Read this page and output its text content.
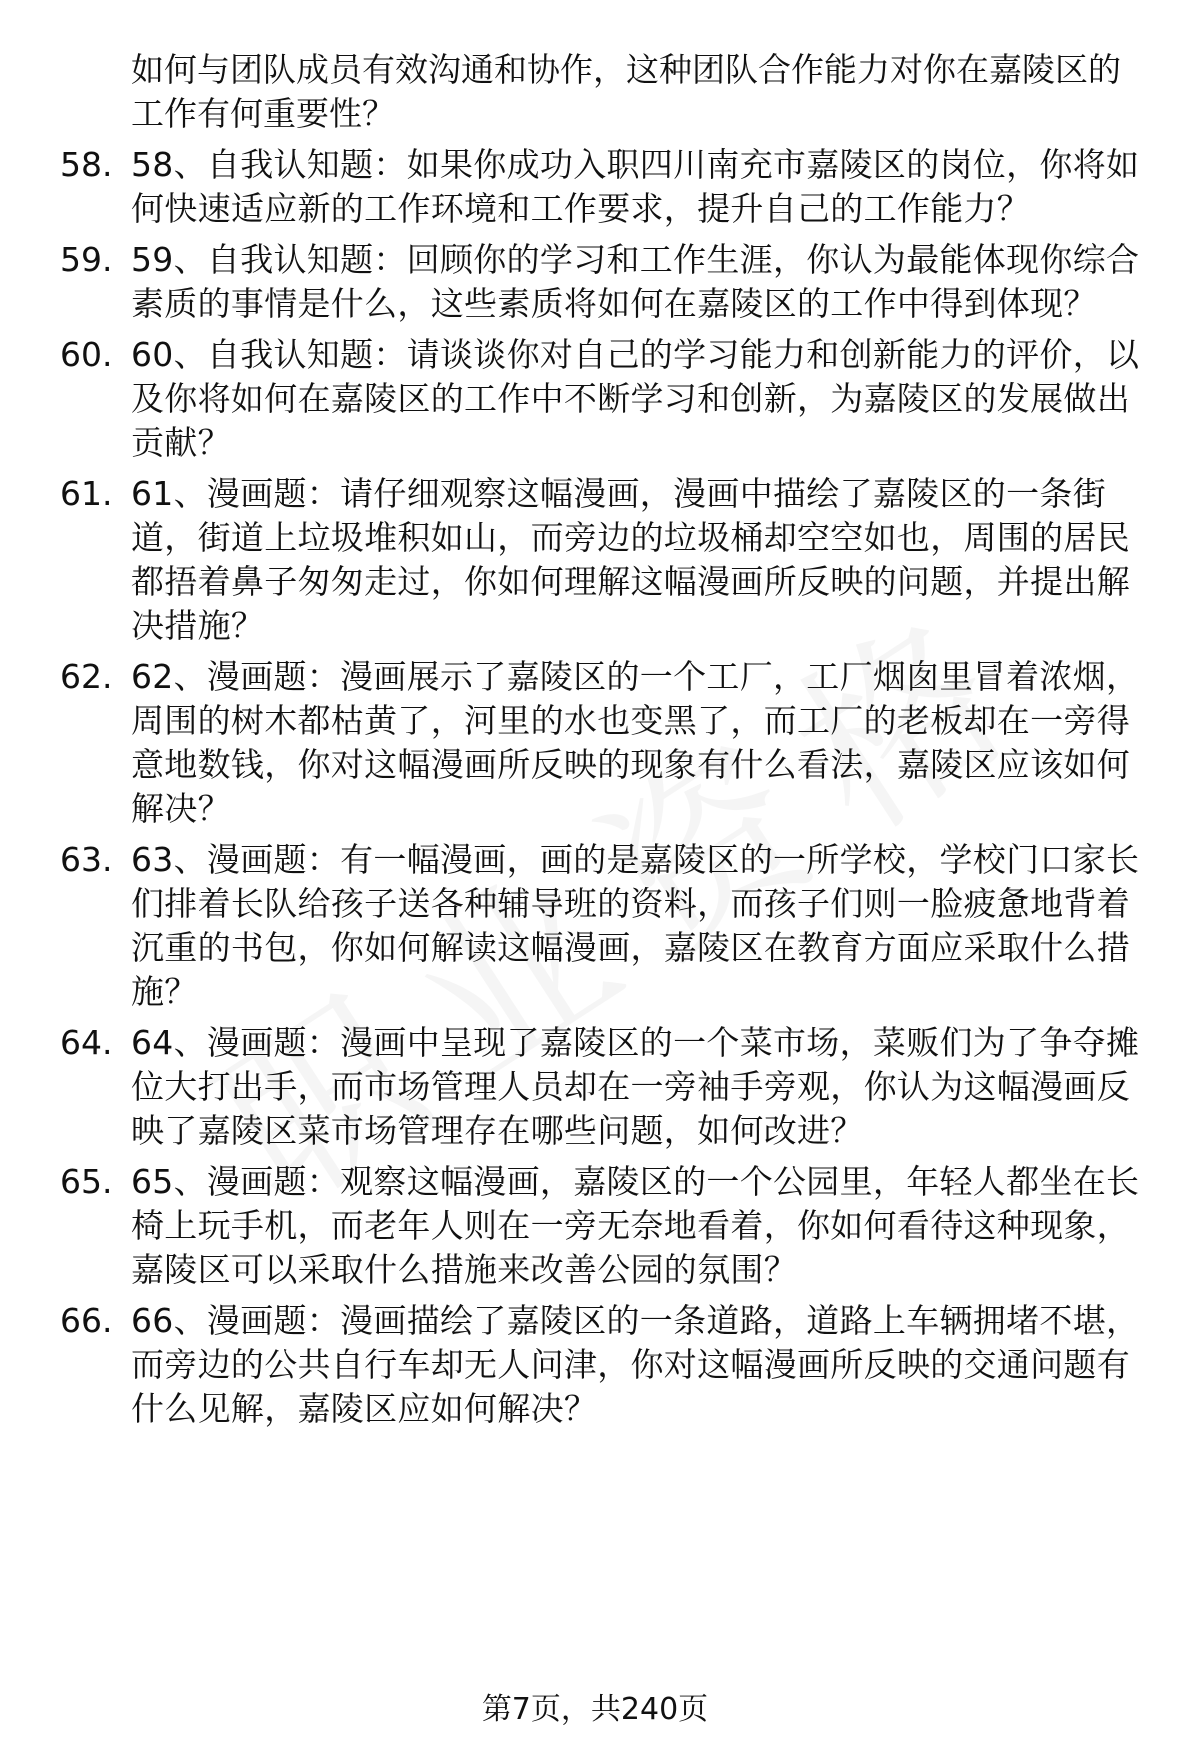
如何与团队成员有效沟通和协作，这种团队合作能力对你在嘉陵区的工作有何重要性？
58. 58、自我认知题：如果你成功入职四川南充市嘉陵区的岗位，你将如何快速适应新的工作环境和工作要求，提升自己的工作能力？
59. 59、自我认知题：回顾你的学习和工作生涯，你认为最能体现你综合素质的事情是什么，这些素质将如何在嘉陵区的工作中得到体现？
60. 60、自我认知题：请谈谈你对自己的学习能力和创新能力的评价，以及你将如何在嘉陵区的工作中不断学习和创新，为嘉陵区的发展做出贡献？
61. 61、漫画题：请仔细观察这幅漫画，漫画中描绘了嘉陵区的一条街道，街道上垃圾堆积如山，而旁边的垃圾桶却空空如也，周围的居民都捂着鼻子匆匆走过，你如何理解这幅漫画所反映的问题，并提出解决措施？
62. 62、漫画题：漫画展示了嘉陵区的一个工厂，工厂烟囱里冒着浓烟，周围的树木都枯黄了，河里的水也变黑了，而工厂的老板却在一旁得意地数钱，你对这幅漫画所反映的现象有什么看法，嘉陵区应该如何解决？
63. 63、漫画题：有一幅漫画，画的是嘉陵区的一所学校，学校门口家长们排着长队给孩子送各种辅导班的资料，而孩子们则一脸疲惫地背着沉重的书包，你如何解读这幅漫画，嘉陵区在教育方面应采取什么措施？
64. 64、漫画题：漫画中呈现了嘉陵区的一个菜市场，菜贩们为了争夺摊位大打出手，而市场管理人员却在一旁袖手旁观，你认为这幅漫画反映了嘉陵区菜市场管理存在哪些问题，如何改进？
65. 65、漫画题：观察这幅漫画，嘉陵区的一个公园里，年轻人都坐在长椅上玩手机，而老年人则在一旁无奈地看着，你如何看待这种现象，嘉陵区可以采取什么措施来改善公园的氛围？
66. 66、漫画题：漫画描绘了嘉陵区的一条道路，道路上车辆拥堵不堪，而旁边的公共自行车却无人问津，你对这幅漫画所反映的交通问题有什么见解，嘉陵区应如何解决？
第7页，共240页
